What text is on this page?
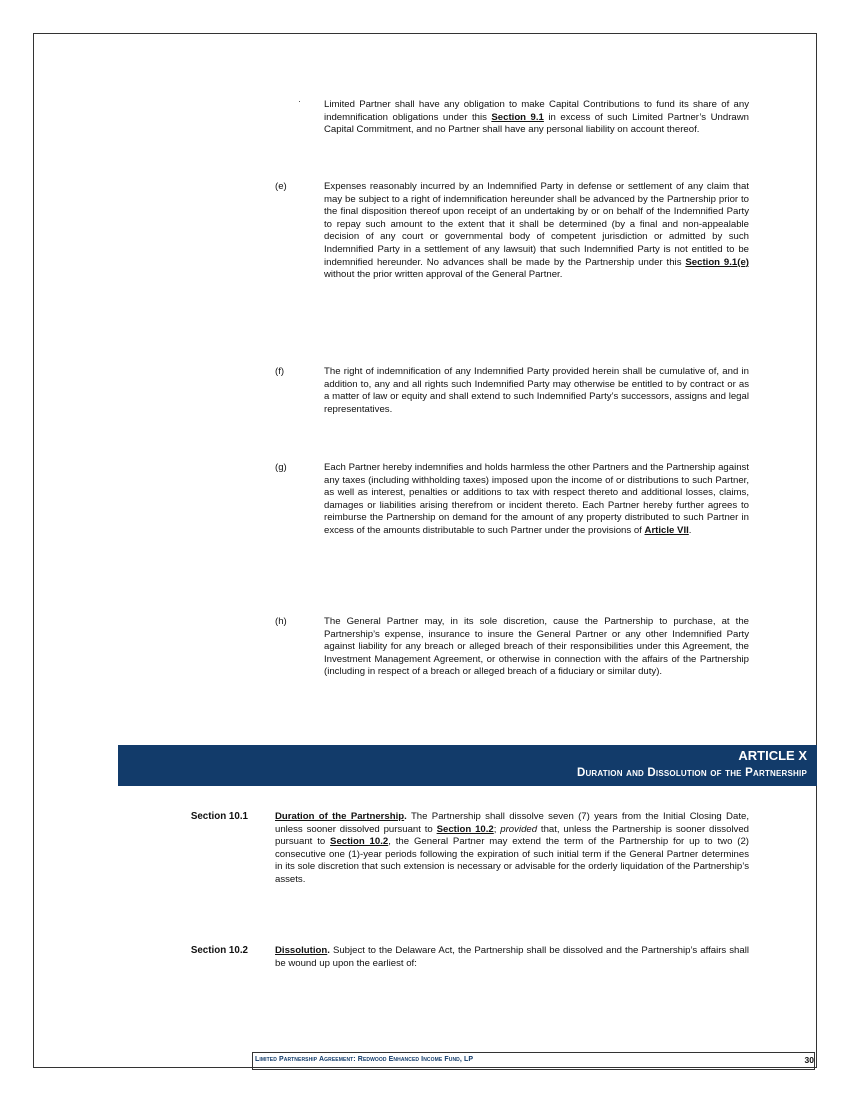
Limited Partner shall have any obligation to make Capital Contributions to fund its share of any indemnification obligations under this Section 9.1 in excess of such Limited Partner’s Undrawn Capital Commitment, and no Partner shall have any personal liability on account thereof.
(e)	Expenses reasonably incurred by an Indemnified Party in defense or settlement of any claim that may be subject to a right of indemnification hereunder shall be advanced by the Partnership prior to the final disposition thereof upon receipt of an undertaking by or on behalf of the Indemnified Party to repay such amount to the extent that it shall be determined (by a final and non-appealable decision of any court or governmental body of competent jurisdiction or admitted by such Indemnified Party in a settlement of any lawsuit) that such Indemnified Party is not entitled to be indemnified hereunder. No advances shall be made by the Partnership under this Section 9.1(e) without the prior written approval of the General Partner.
(f)	The right of indemnification of any Indemnified Party provided herein shall be cumulative of, and in addition to, any and all rights such Indemnified Party may otherwise be entitled to by contract or as a matter of law or equity and shall extend to such Indemnified Party’s successors, assigns and legal representatives.
(g)	Each Partner hereby indemnifies and holds harmless the other Partners and the Partnership against any taxes (including withholding taxes) imposed upon the income of or distributions to such Partner, as well as interest, penalties or additions to tax with respect thereto and additional losses, claims, damages or liabilities arising therefrom or incident thereto. Each Partner hereby further agrees to reimburse the Partnership on demand for the amount of any property distributed to such Partner in excess of the amounts distributable to such Partner under the provisions of Article VII.
(h)	The General Partner may, in its sole discretion, cause the Partnership to purchase, at the Partnership’s expense, insurance to insure the General Partner or any other Indemnified Party against liability for any breach or alleged breach of their responsibilities under this Agreement, the Investment Management Agreement, or otherwise in connection with the affairs of the Partnership (including in respect of a breach or alleged breach of a fiduciary or similar duty).
ARTICLE X
Duration and Dissolution of the Partnership
Section 10.1	Duration of the Partnership. The Partnership shall dissolve seven (7) years from the Initial Closing Date, unless sooner dissolved pursuant to Section 10.2; provided that, unless the Partnership is sooner dissolved pursuant to Section 10.2, the General Partner may extend the term of the Partnership for up to two (2) consecutive one (1)-year periods following the expiration of such initial term if the General Partner determines in its sole discretion that such extension is necessary or advisable for the orderly liquidation of the Partnership’s assets.
Section 10.2	Dissolution. Subject to the Delaware Act, the Partnership shall be dissolved and the Partnership’s affairs shall be wound up upon the earliest of:
Limited Partnership Agreement: Redwood Enhanced Income Fund, LP	30
